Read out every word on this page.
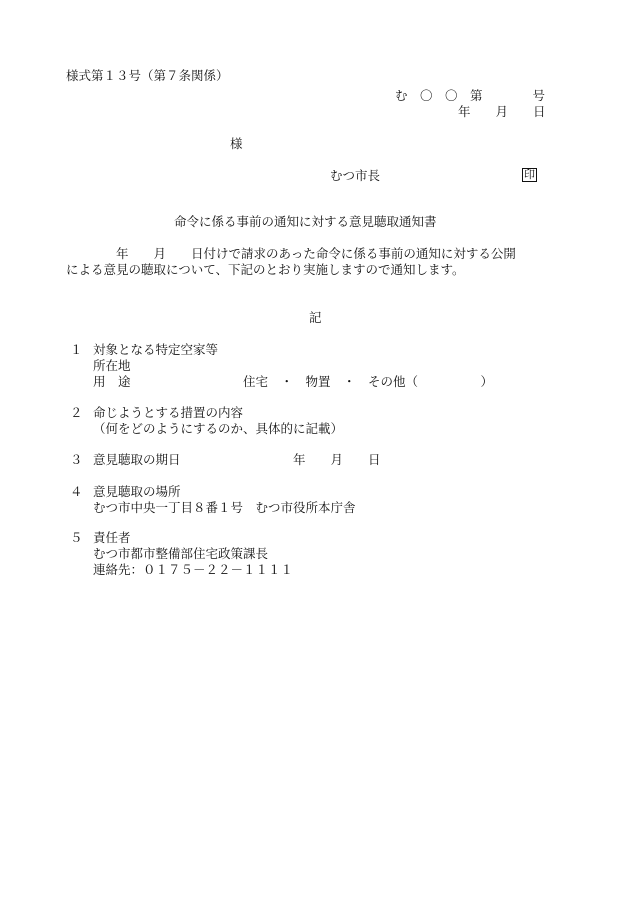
様式第１３号（第７条関係）
む　〇　〇　第　　　　号
年　　月　　日
様
むつ市長	印
命令に係る事前の通知に対する意見聴取通知書
　　　　年　　月　　日付けで請求のあった命令に係る事前の通知に対する公開
による意見の聴取について、下記のとおり実施しますので通知します。
記
１ 対象となる特定空家等
所在地
用　途　　　　　　　　　住宅　・　物置　・　その他（　　　　　）
２ 命じようとする措置の内容
（何をどのようにするのか、具体的に記載）
３ 意見聴取の期日　　　　　　　　　年　　月　　日
４ 意見聴取の場所
むつ市中央一丁目８番１号　むつ市役所本庁舎
５ 責任者
むつ市都市整備部住宅政策課長
連絡先：０１７５－２２－１１１１
